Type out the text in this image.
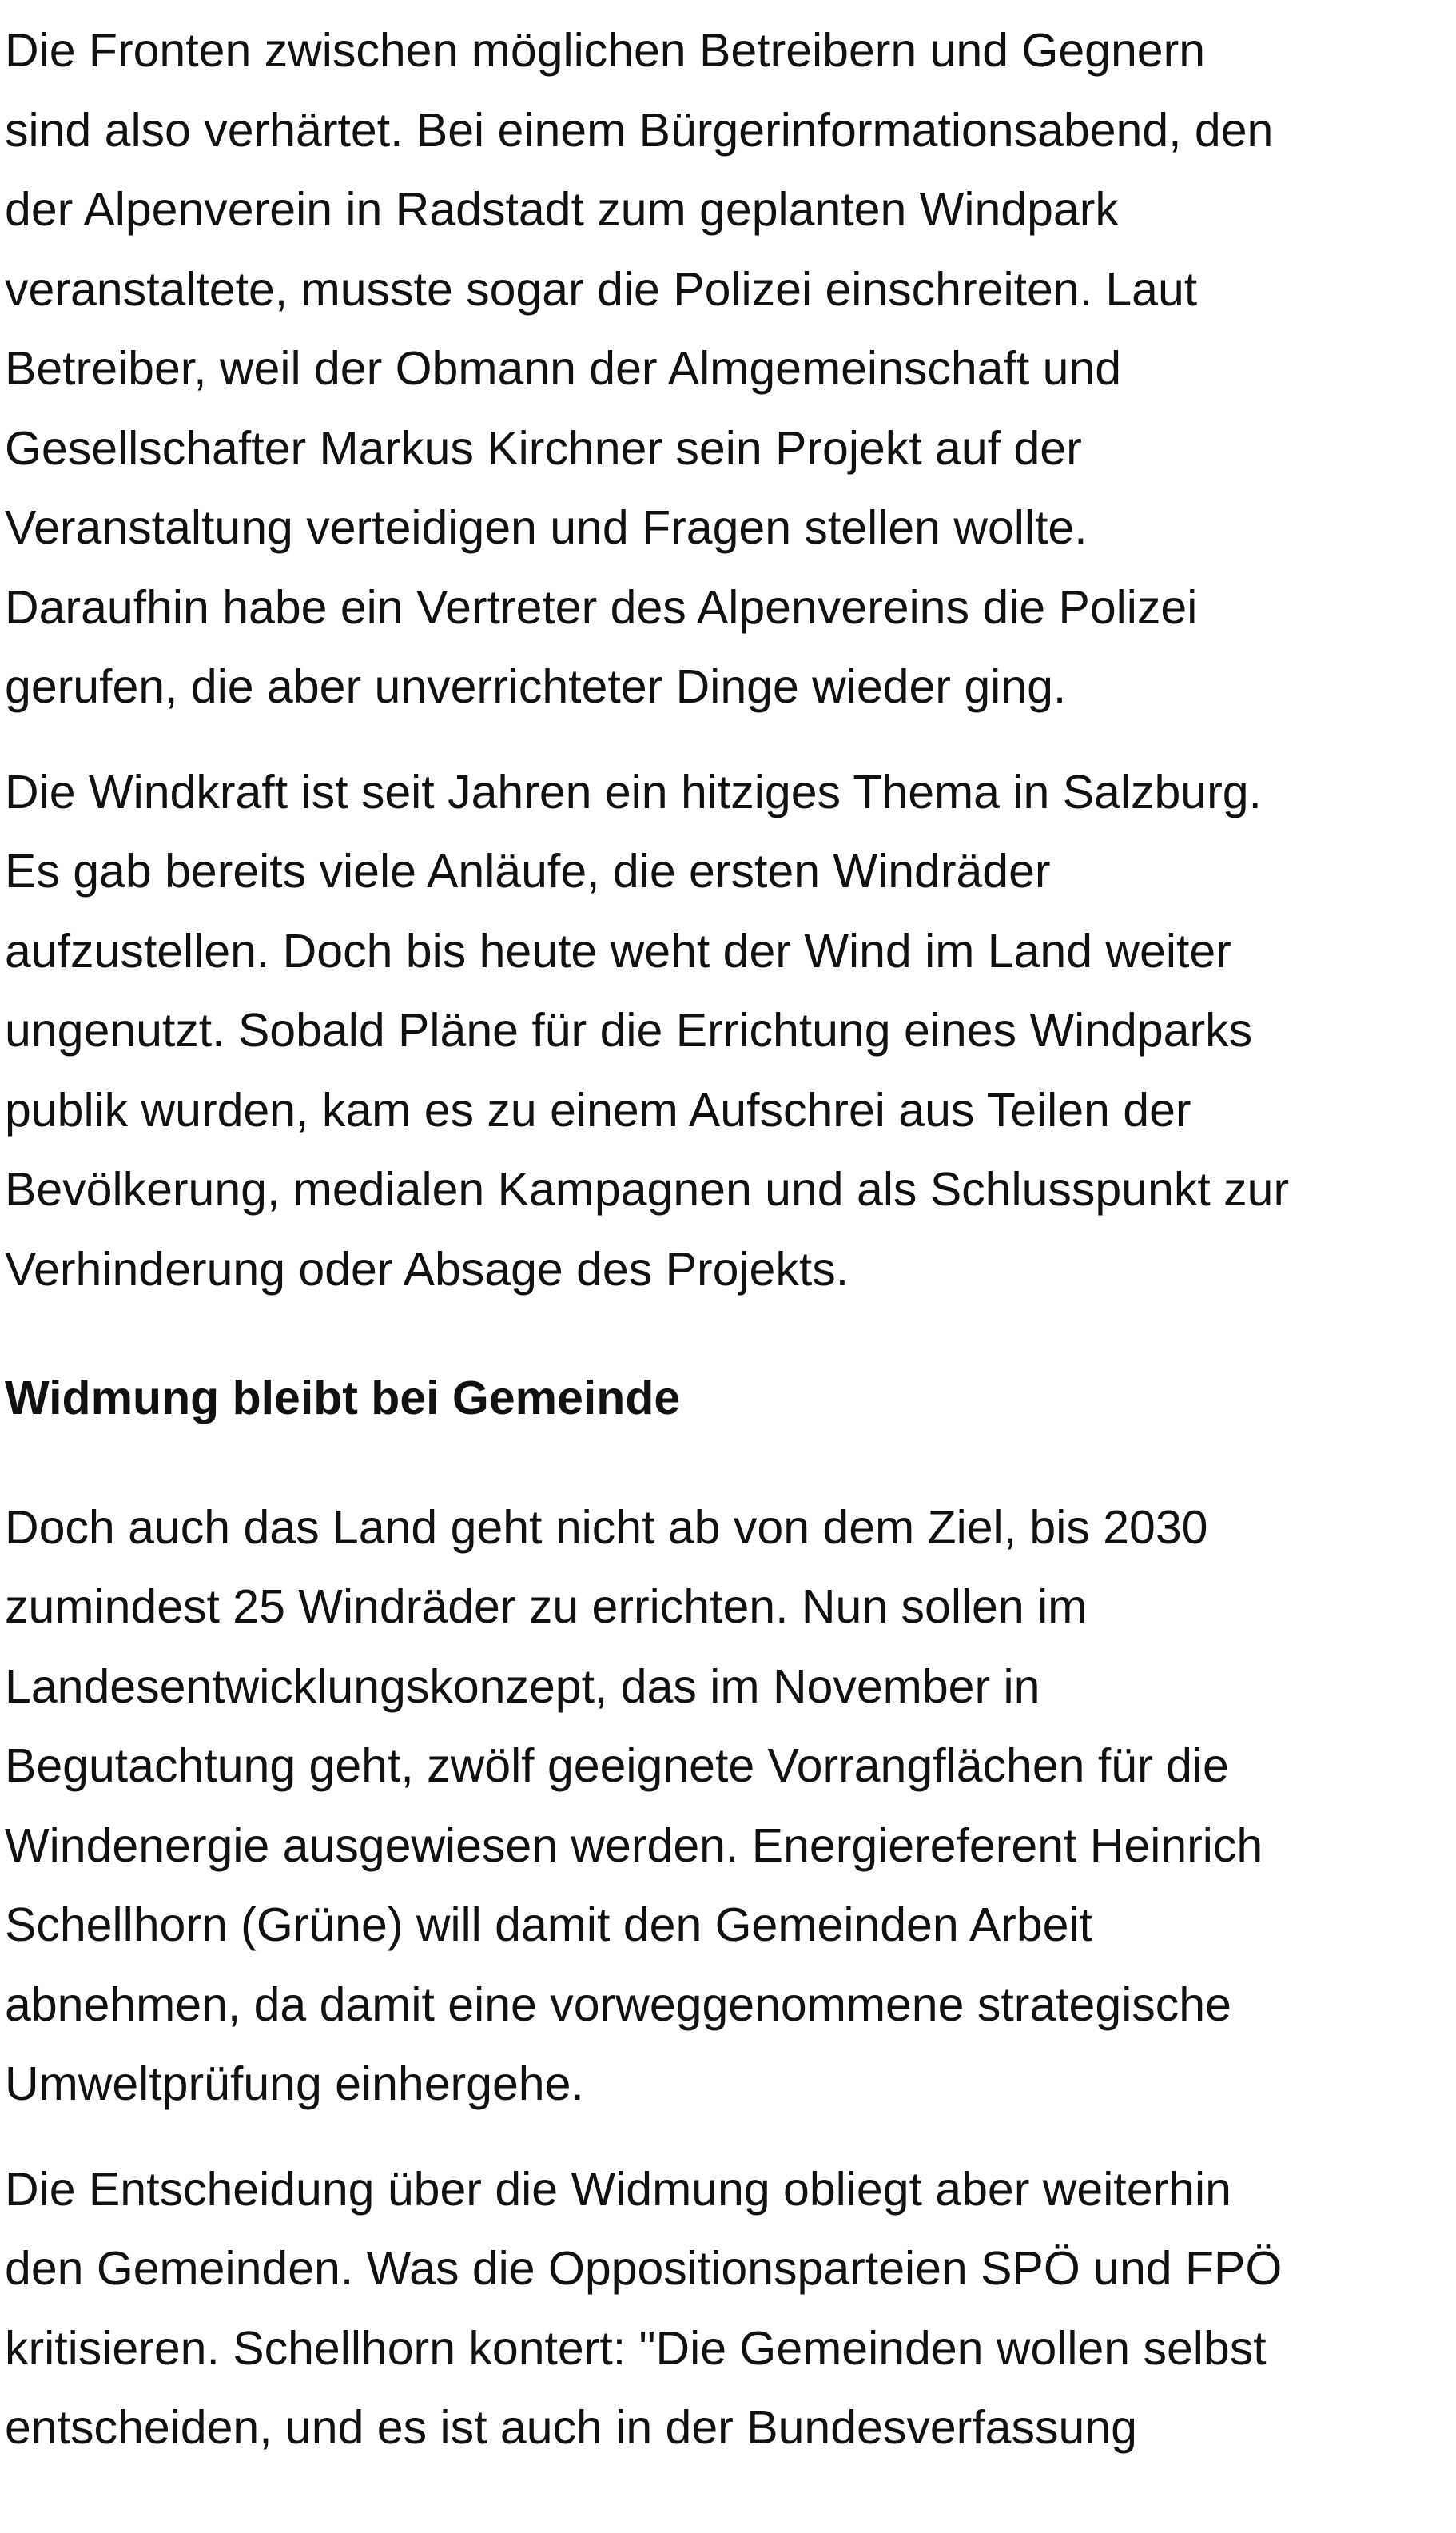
Die Fronten zwischen möglichen Betreibern und Gegnern
sind also verhärtet. Bei einem Bürgerinformationsabend, den
der Alpenverein in Radstadt zum geplanten Windpark
veranstaltete, musste sogar die Polizei einschreiten. Laut
Betreiber, weil der Obmann der Almgemeinschaft und
Gesellschafter Markus Kirchner sein Projekt auf der
Veranstaltung verteidigen und Fragen stellen wollte.
Daraufhin habe ein Vertreter des Alpenvereins die Polizei
gerufen, die aber unverrichteter Dinge wieder ging.

Die Windkraft ist seit Jahren ein hitziges Thema in Salzburg.
Es gab bereits viele Anläufe, die ersten Windräder
aufzustellen. Doch bis heute weht der Wind im Land weiter
ungenutzt. Sobald Pläne für die Errichtung eines Windparks
publik wurden, kam es zu einem Aufschrei aus Teilen der
Bevölkerung, medialen Kampagnen und als Schlusspunkt zur
Verhinderung oder Absage des Projekts.

Widmung bleibt bei Gemeinde

Doch auch das Land geht nicht ab von dem Ziel, bis 2030
zumindest 25 Windräder zu errichten. Nun sollen im
Landesentwicklungskonzept, das im November in
Begutachtung geht, zwölf geeignete Vorrangflächen für die
Windenergie ausgewiesen werden. Energiereferent Heinrich
Schellhorn (Grüne) will damit den Gemeinden Arbeit
abnehmen, da damit eine vorweggenommene strategische
Umweltprüfung einhergehe.

Die Entscheidung über die Widmung obliegt aber weiterhin
den Gemeinden. Was die Oppositionsparteien SPÖ und FPÖ
kritisieren. Schellhorn kontert: "Die Gemeinden wollen selbst
entscheiden, und es ist auch in der Bundesverfassung
